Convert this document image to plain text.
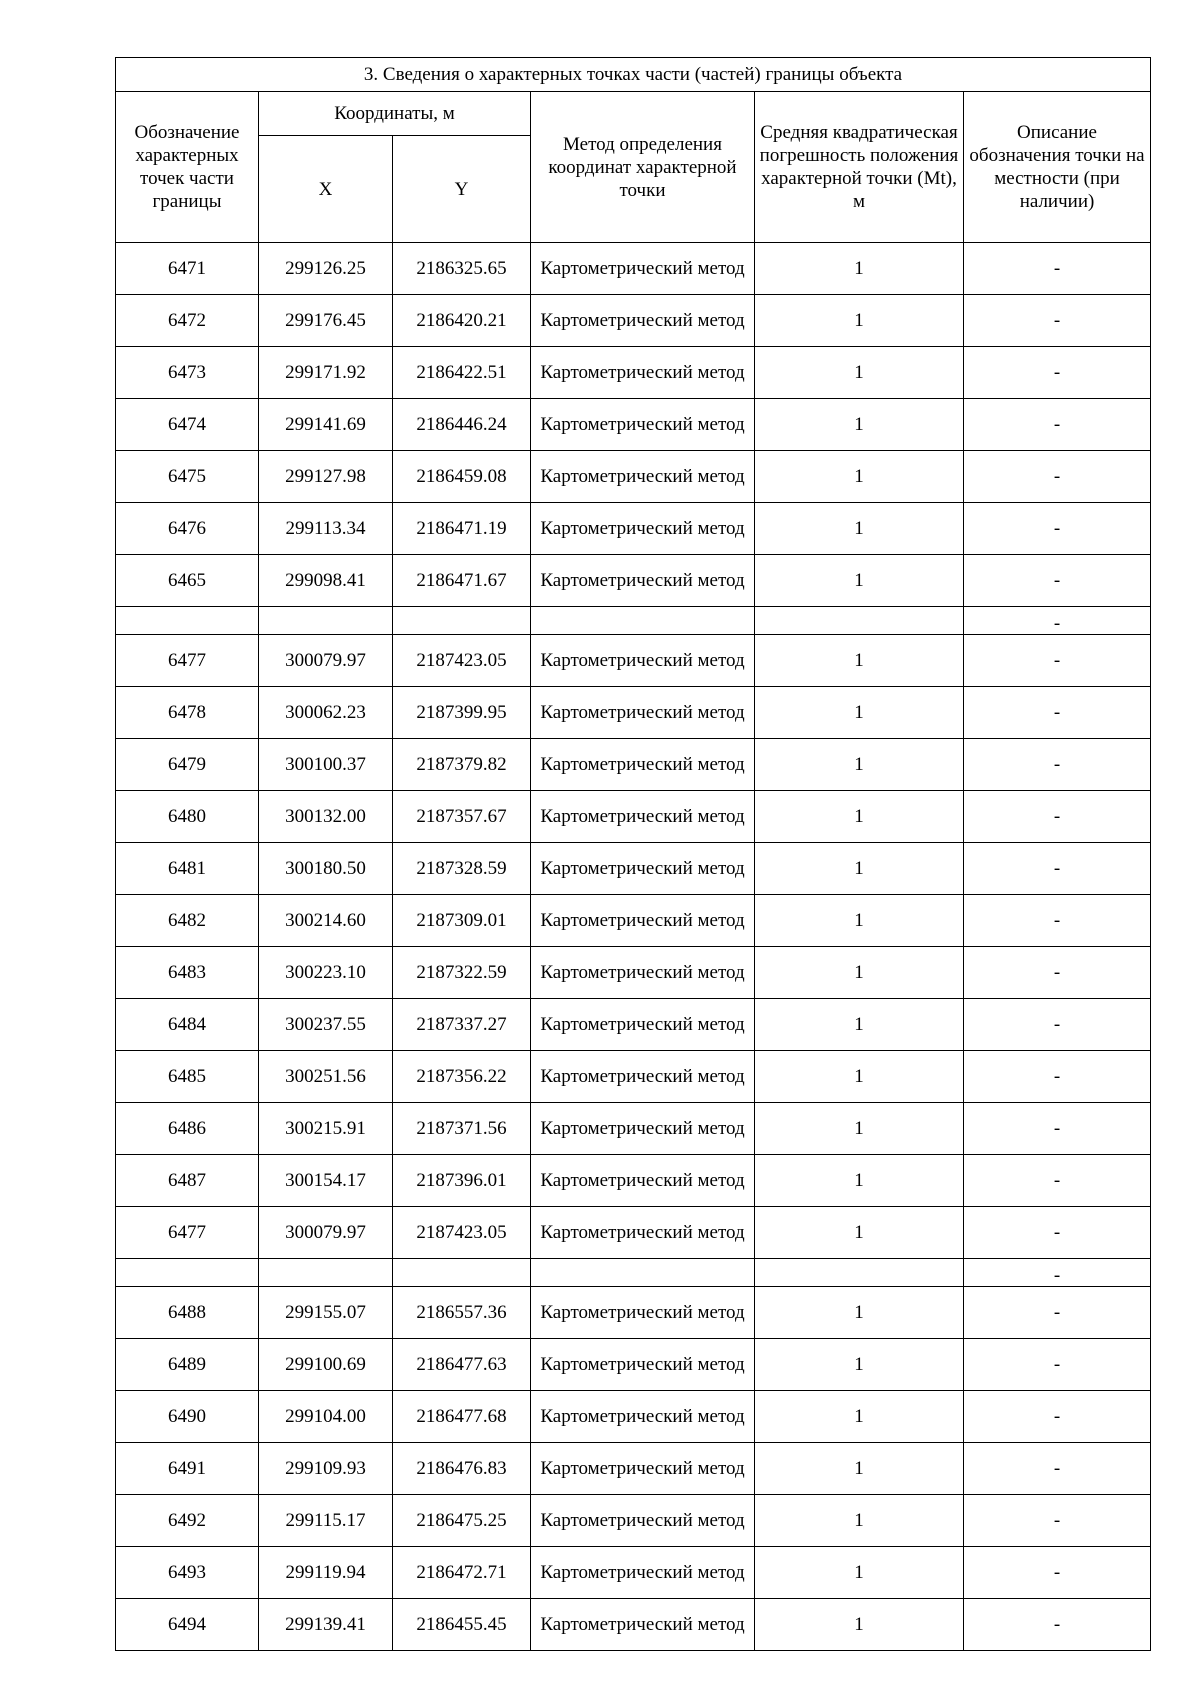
3. Сведения о характерных точках части (частей) границы объекта					
Обозначение характерных точек части границы	Координаты, м		Метод определения координат характерной точки	Средняя квадратическая погрешность положения характерной точки (Mt), м	Описание обозначения точки на местности (при наличии)
	X	Y			
6471	299126.25	2186325.65	Картометрический метод	1	-
6472	299176.45	2186420.21	Картометрический метод	1	-
6473	299171.92	2186422.51	Картометрический метод	1	-
6474	299141.69	2186446.24	Картометрический метод	1	-
6475	299127.98	2186459.08	Картометрический метод	1	-
6476	299113.34	2186471.19	Картометрический метод	1	-
6465	299098.41	2186471.67	Картометрический метод	1	-
					-
6477	300079.97	2187423.05	Картометрический метод	1	-
6478	300062.23	2187399.95	Картометрический метод	1	-
6479	300100.37	2187379.82	Картометрический метод	1	-
6480	300132.00	2187357.67	Картометрический метод	1	-
6481	300180.50	2187328.59	Картометрический метод	1	-
6482	300214.60	2187309.01	Картометрический метод	1	-
6483	300223.10	2187322.59	Картометрический метод	1	-
6484	300237.55	2187337.27	Картометрический метод	1	-
6485	300251.56	2187356.22	Картометрический метод	1	-
6486	300215.91	2187371.56	Картометрический метод	1	-
6487	300154.17	2187396.01	Картометрический метод	1	-
6477	300079.97	2187423.05	Картометрический метод	1	-
					-
6488	299155.07	2186557.36	Картометрический метод	1	-
6489	299100.69	2186477.63	Картометрический метод	1	-
6490	299104.00	2186477.68	Картометрический метод	1	-
6491	299109.93	2186476.83	Картометрический метод	1	-
6492	299115.17	2186475.25	Картометрический метод	1	-
6493	299119.94	2186472.71	Картометрический метод	1	-
6494	299139.41	2186455.45	Картометрический метод	1	-
